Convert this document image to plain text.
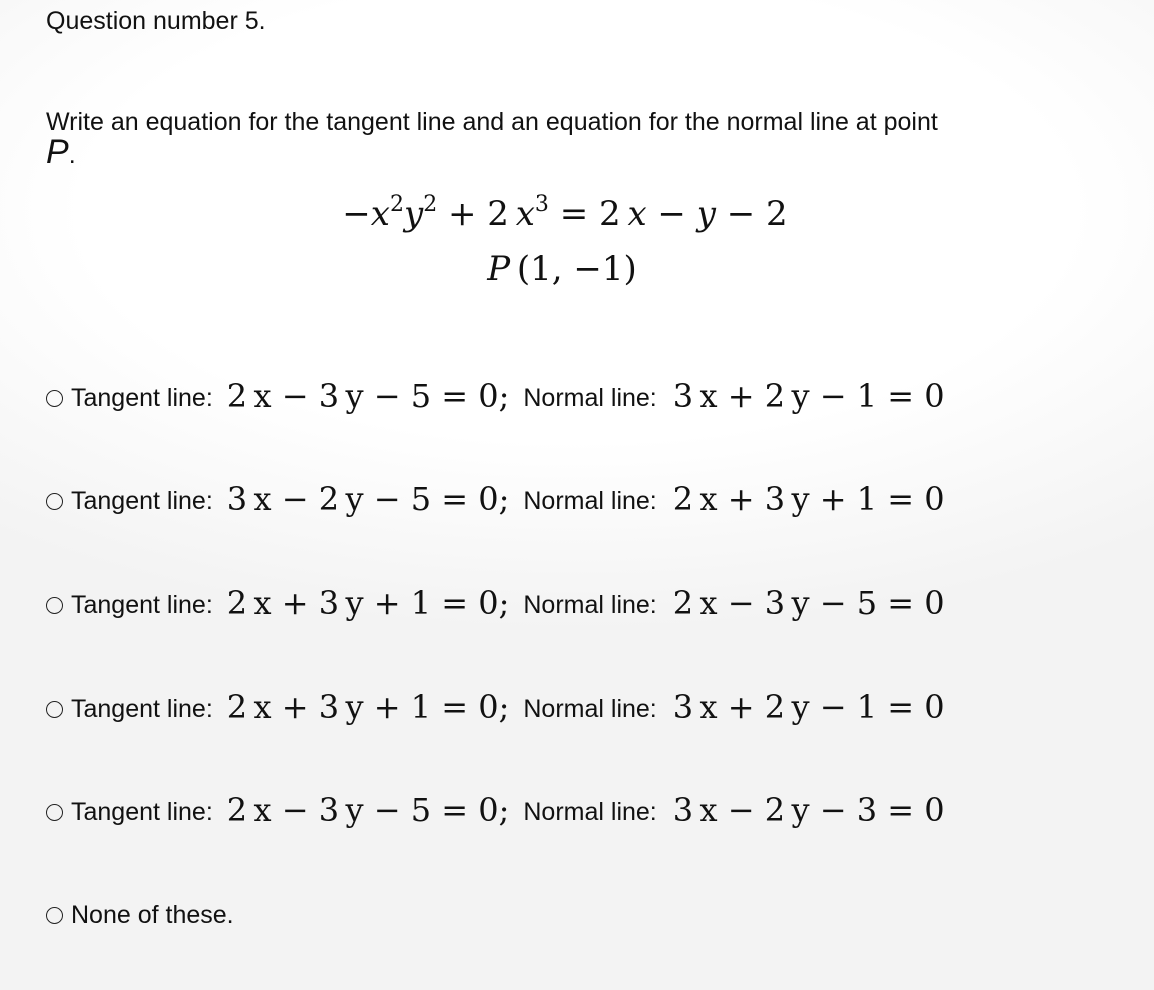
Question number 5.
Write an equation for the tangent line and an equation for the normal line at point
P.
$-x^2y^2 + 2$ $x^3 = 2$ x − y − 2
P (1, −1)
Tangent line: 2 x − 3 y − 5 = 0; Normal line: 3 x + 2 y − 1 = 0
Tangent line: 3 x − 2 y − 5 = 0; Normal line: 2 x + 3 y + 1 = 0
Tangent line: 2 x + 3 y + 1 = 0; Normal line: 2 x − 3 y − 5 = 0
Tangent line: 2 x + 3 y + 1 = 0; Normal line: 3 x + 2 y − 1 = 0
Tangent line: 2 x − 3 y − 5 = 0; Normal line: 3 x − 2 y − 3 = 0
None of these.
